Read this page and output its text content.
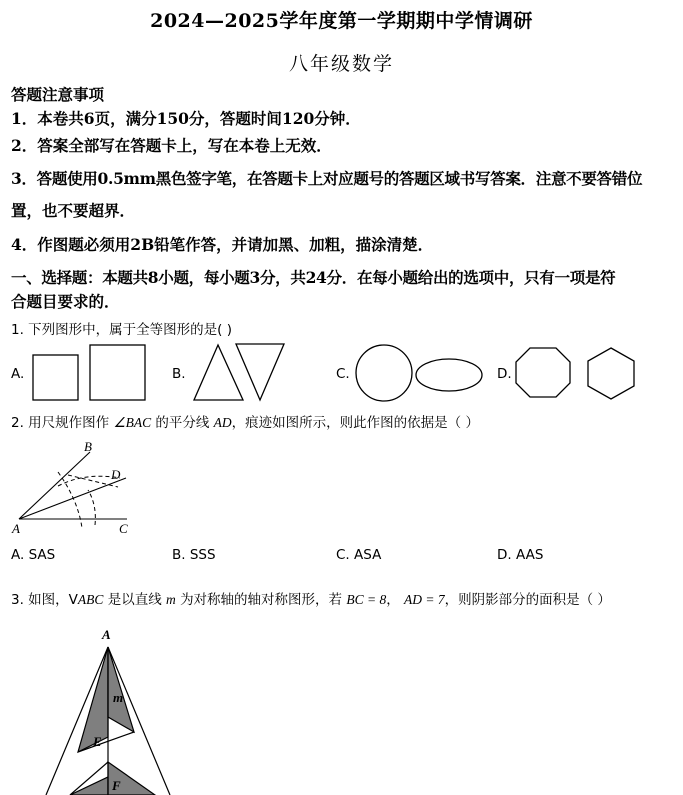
2024—2025学年度第一学期期中学情调研
八年级数学
答题注意事项
1．本卷共6页，满分150分，答题时间120分钟．
2．答案全部写在答题卡上，写在本卷上无效．
3．答题使用0.5mm黑色签字笔，在答题卡上对应题号的答题区域书写答案．注意不要答错位
置，也不要超界．
4．作图题必须用2B铅笔作答，并请加黑、加粗，描涂清楚．
一、选择题：本题共8小题，每小题3分，共24分．在每小题给出的选项中，只有一项是符
合题目要求的．
1. 下列图形中，属于全等图形的是( )
A.	B.	C.	D.
2. 用尺规作图作 ∠BAC 的平分线 AD，痕迹如图所示，则此作图的依据是（ ）
B
D
A	C
A. SAS	B. SSS	C. ASA	D. AAS
3. 如图，VABC 是以直线 m 为对称轴的轴对称图形，若 BC = 8， AD = 7，则阴影部分的面积是（ ）
A
m
E
F
